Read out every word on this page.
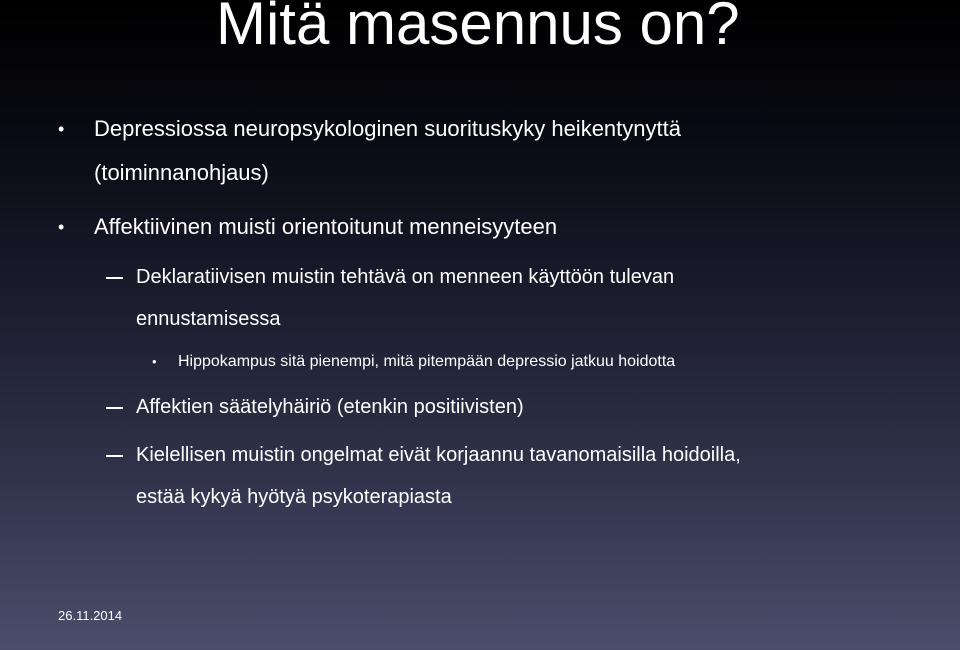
Mitä masennus on?
• Depressiossa neuropsykologinen suorituskyky heikentynyttä
(toiminnanohjaus)
• Affektiivinen muisti orientoitunut menneisyyteen
Deklaratiivisen muistin tehtävä on menneen käyttöön tulevan
ennustamisessa
• Hippokampus sitä pienempi, mitä pitempään depressio jatkuu hoidotta
Affektien säätelyhäiriö (etenkin positiivisten)
Kielellisen muistin ongelmat eivät korjaannu tavanomaisilla hoidoilla,
estää kykyä hyötyä psykoterapiasta
26.11.2014
